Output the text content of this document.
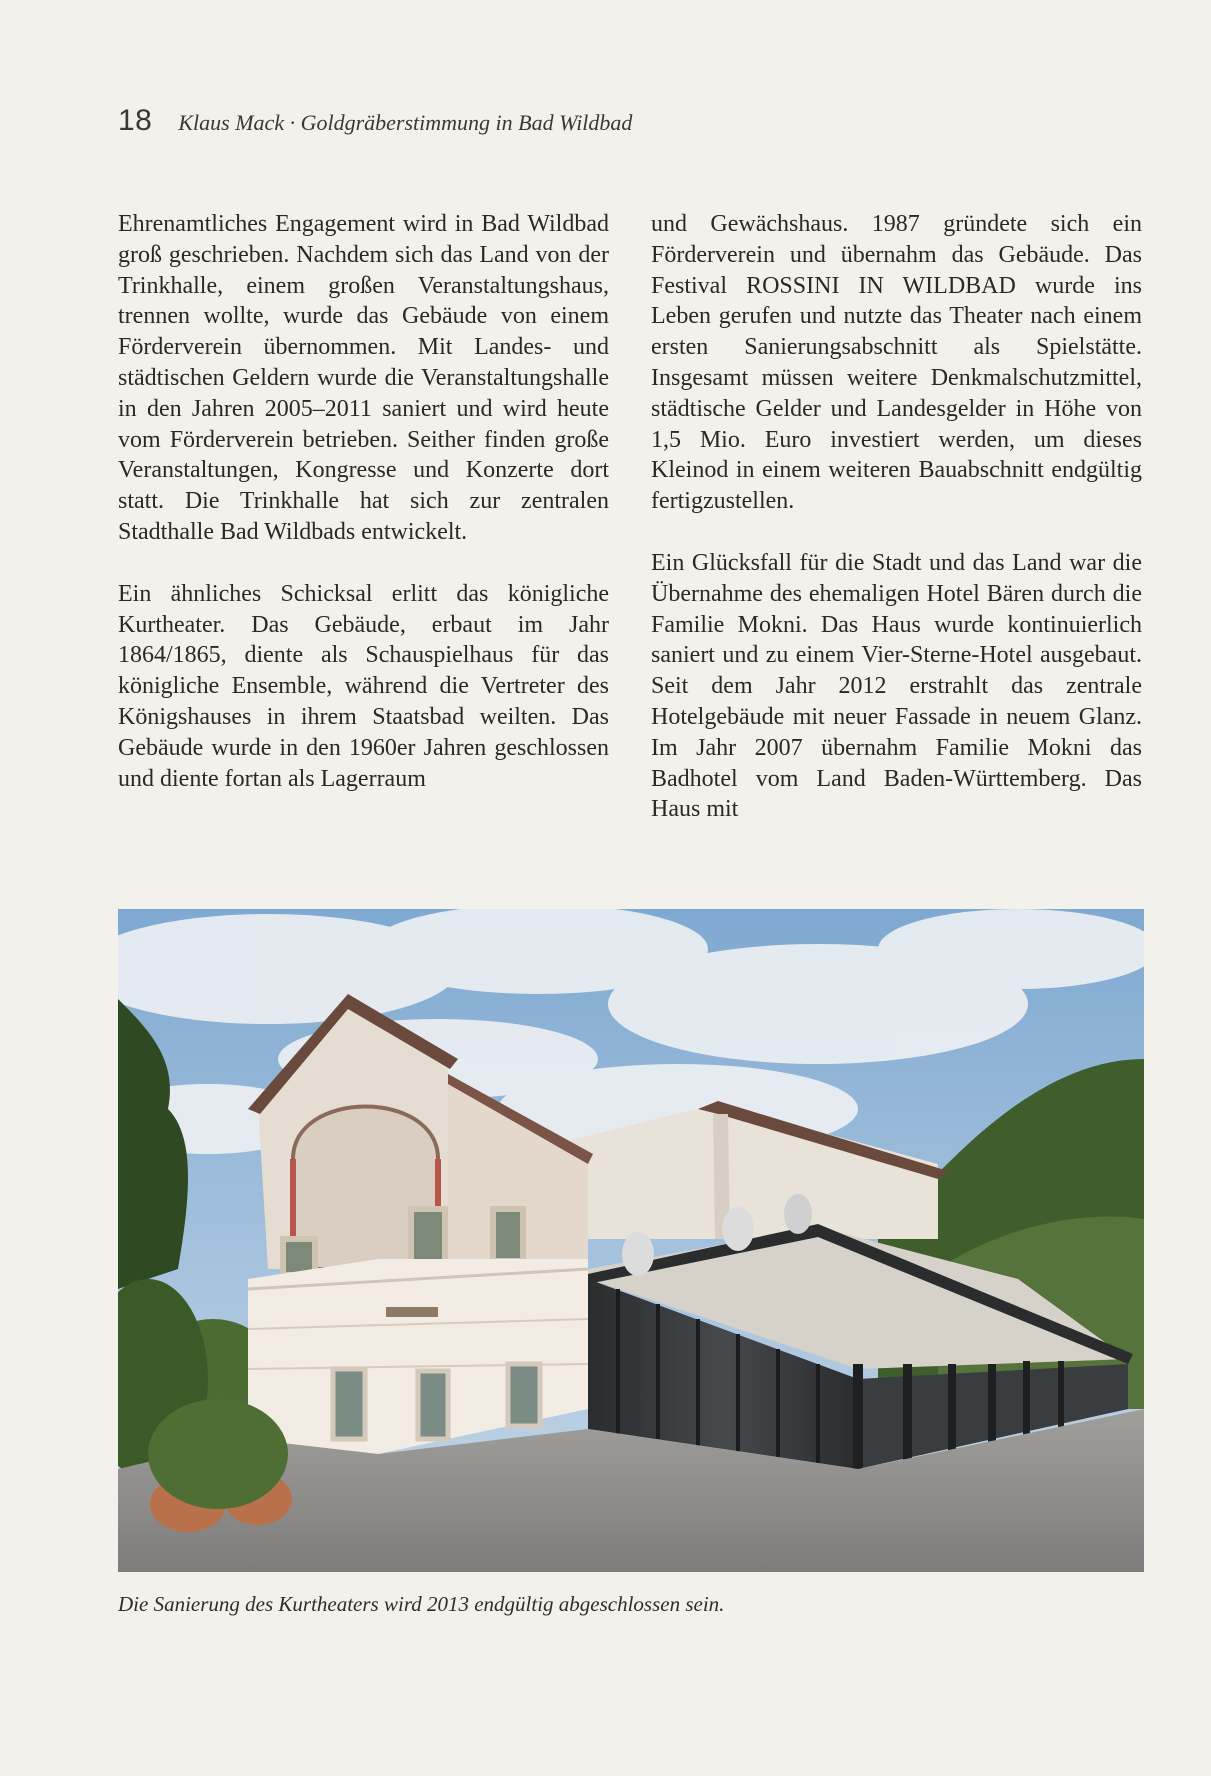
18 Klaus Mack · Goldgräberstimmung in Bad Wildbad

Ehrenamtliches Engagement wird in Bad Wildbad groß geschrieben. Nachdem sich das Land von der Trinkhalle, einem großen Veranstaltungshaus, trennen wollte, wurde das Gebäude von einem Förderverein übernommen. Mit Landes- und städtischen Geldern wurde die Veranstaltungshalle in den Jahren 2005–2011 saniert und wird heute vom Förderverein betrieben. Seither finden große Veranstaltungen, Kongresse und Konzerte dort statt. Die Trinkhalle hat sich zur zentralen Stadthalle Bad Wildbads entwickelt.

Ein ähnliches Schicksal erlitt das königliche Kurtheater. Das Gebäude, erbaut im Jahr 1864/1865, diente als Schauspielhaus für das königliche Ensemble, während die Vertreter des Königshauses in ihrem Staatsbad weilten. Das Gebäude wurde in den 1960er Jahren geschlossen und diente fortan als Lagerraum

und Gewächshaus. 1987 gründete sich ein Förderverein und übernahm das Gebäude. Das Festival ROSSINI IN WILDBAD wurde ins Leben gerufen und nutzte das Theater nach einem ersten Sanierungsabschnitt als Spielstätte. Insgesamt müssen weitere Denkmalschutzmittel, städtische Gelder und Landesgelder in Höhe von 1,5 Mio. Euro investiert werden, um dieses Kleinod in einem weiteren Bauabschnitt endgültig fertigzustellen.

Ein Glücksfall für die Stadt und das Land war die Übernahme des ehemaligen Hotel Bären durch die Familie Mokni. Das Haus wurde kontinuierlich saniert und zu einem Vier-Sterne-Hotel ausgebaut. Seit dem Jahr 2012 erstrahlt das zentrale Hotelgebäude mit neuer Fassade in neuem Glanz. Im Jahr 2007 übernahm Familie Mokni das Badhotel vom Land Baden-Württemberg. Das Haus mit

Die Sanierung des Kurtheaters wird 2013 endgültig abgeschlossen sein.
